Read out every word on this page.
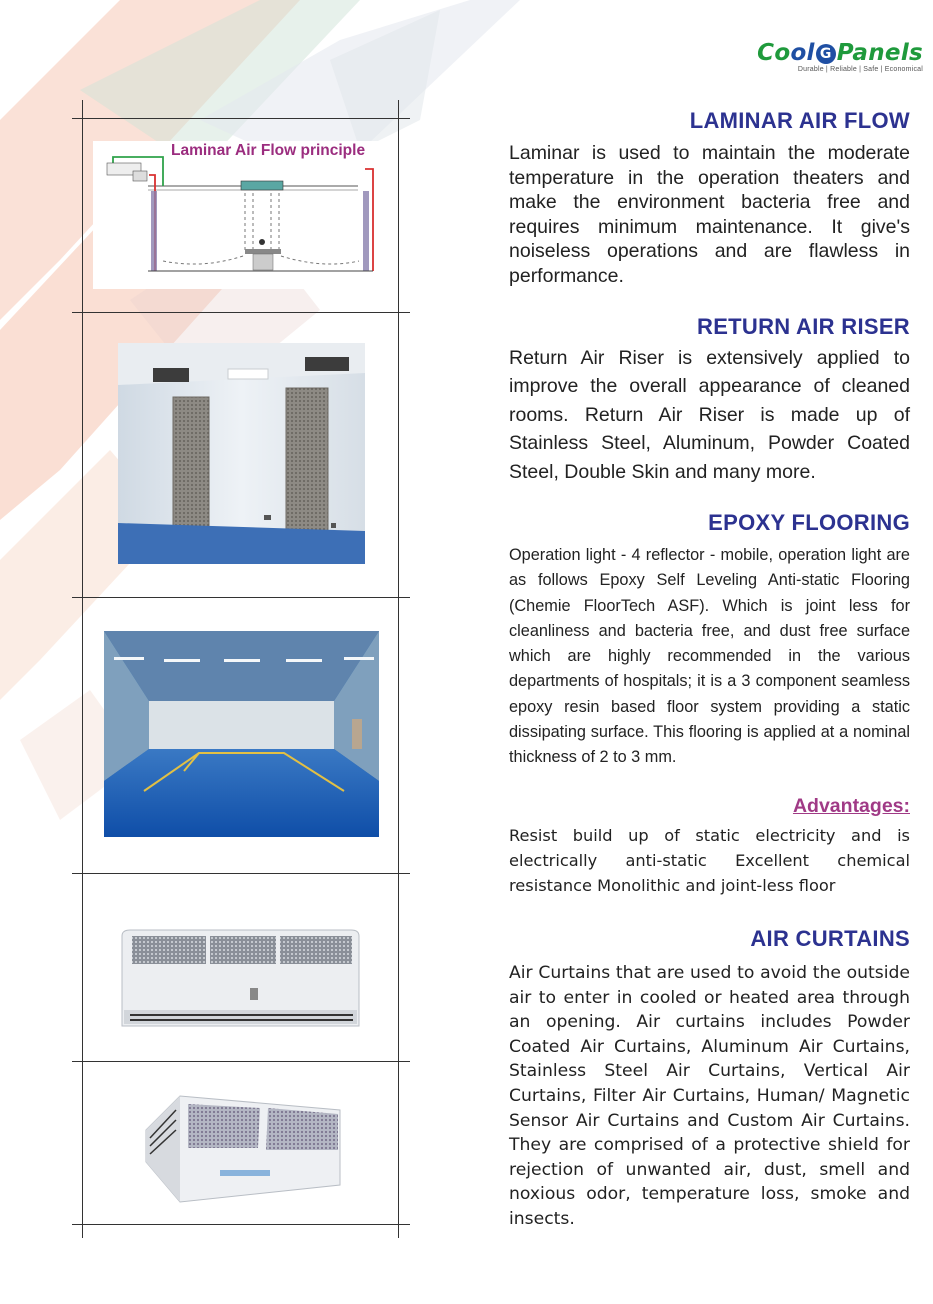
Cool G Panels
Durable | Reliable | Safe | Economical
Laminar Air Flow principle
LAMINAR AIR FLOW
Laminar is used to maintain the moderate temperature in the operation theaters and make the environment bacteria free and requires minimum maintenance. It give's noiseless operations and are flawless in performance.
RETURN AIR RISER
Return Air Riser is extensively applied to improve the overall appearance of cleaned rooms. Return Air Riser is made up of Stainless Steel, Aluminum, Powder Coated Steel, Double Skin and many more.
EPOXY FLOORING
Operation light - 4 reflector - mobile, operation light are as follows Epoxy Self Leveling Anti-static Flooring (Chemie FloorTech ASF). Which is joint less for cleanliness and bacteria free, and dust free surface which are highly recommended in the various departments of hospitals; it is a 3 component seamless epoxy resin based floor system providing a static dissipating surface. This flooring is applied at a nominal thickness of 2 to 3 mm.
Advantages:
Resist build up of static electricity and is electrically anti-static Excellent chemical resistance Monolithic and joint-less floor
AIR CURTAINS
Air Curtains that are used to avoid the outside air to enter in cooled or heated area through an opening. Air curtains includes Powder Coated Air Curtains, Aluminum Air Curtains, Stainless Steel Air Curtains, Vertical Air Curtains, Filter Air Curtains, Human/ Magnetic Sensor Air Curtains and Custom Air Curtains. They are comprised of a protective shield for rejection of unwanted air, dust, smell and noxious odor, temperature loss, smoke and insects.
